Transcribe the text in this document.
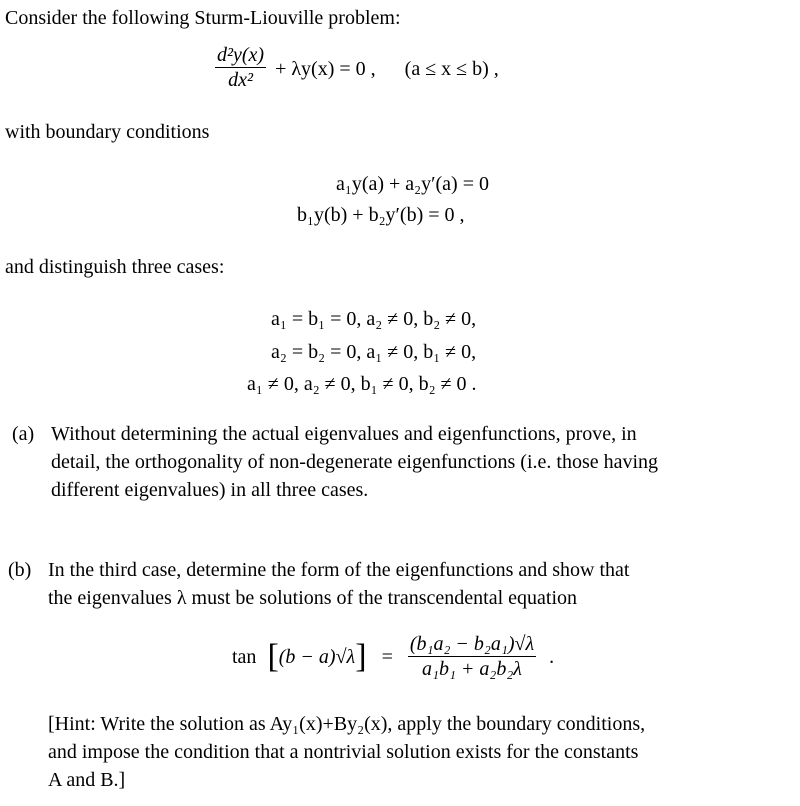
Consider the following Sturm-Liouville problem:
$\frac{\text{d²y(x)}}{\text{dx²}} + \lambda y(x) = 0$ , (a ≤ x ≤ b) ,
with boundary conditions
a₁y(a) + a₂y′(a) = 0
b₁y(b) + b₂y′(b) = 0 ,
and distinguish three cases:
a₁ = b₁ = 0, a₂ ≠ 0, b₂ ≠ 0,
a₂ = b₂ = 0, a₁ ≠ 0, b₁ ≠ 0,
a₁ ≠ 0, a₂ ≠ 0, b₁ ≠ 0, b₂ ≠ 0 .
(a) Without determining the actual eigenvalues and eigenfunctions, prove, in
detail, the orthogonality of non-degenerate eigenfunctions (i.e. those having
different eigenvalues) in all three cases.
(b) In the third case, determine the form of the eigenfunctions and show that
the eigenvalues λ must be solutions of the transcendental equation
$\tan [(b - a)√\lambda] = \frac{\text{(b₁a₂ − b₂a₁)√λ}}{\text{a₁b₁ + a₂b₂λ}}$ .
[Hint: Write the solution as Ay₁(x)+By₂(x), apply the boundary conditions,
and impose the condition that a nontrivial solution exists for the constants
A and B.]
